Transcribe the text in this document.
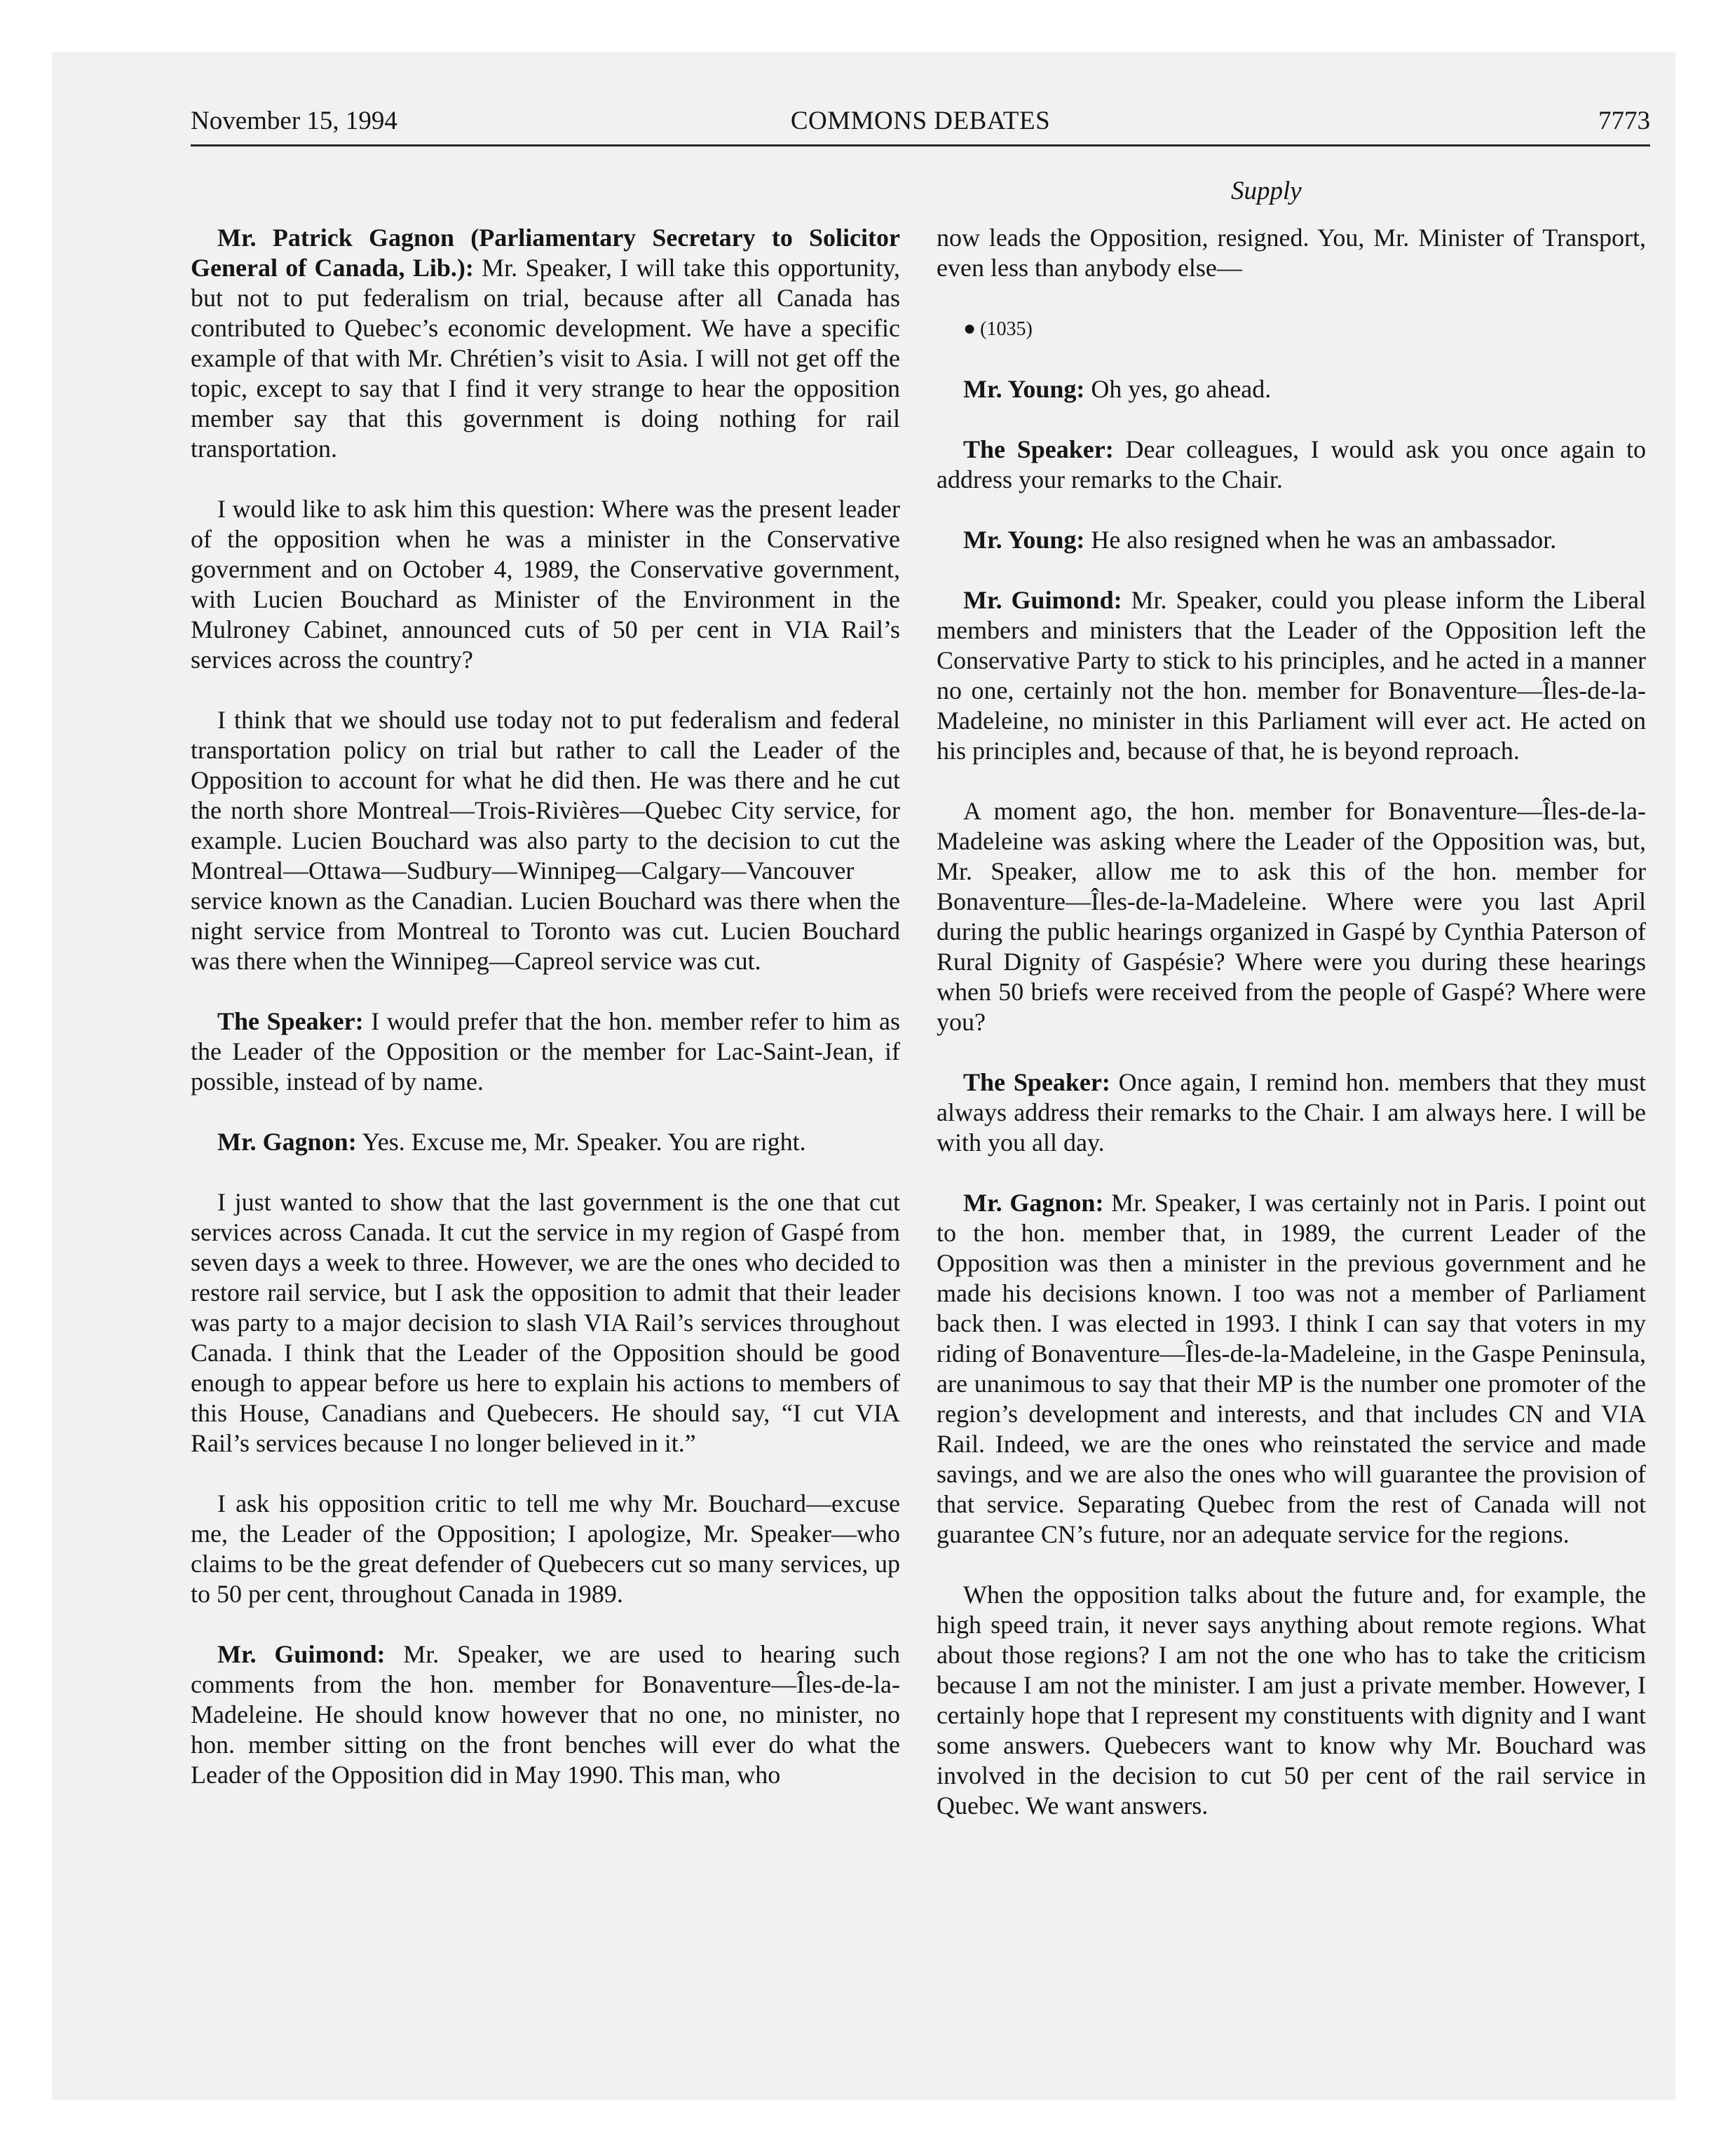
November 15, 1994	COMMONS DEBATES	7773
Supply

Mr. Patrick Gagnon (Parliamentary Secretary to Solicitor General of Canada, Lib.): Mr. Speaker, I will take this opportunity, but not to put federalism on trial, because after all Canada has contributed to Quebec’s economic development. We have a specific example of that with Mr. Chrétien’s visit to Asia. I will not get off the topic, except to say that I find it very strange to hear the opposition member say that this government is doing nothing for rail transportation.

I would like to ask him this question: Where was the present leader of the opposition when he was a minister in the Conservative government and on October 4, 1989, the Conservative government, with Lucien Bouchard as Minister of the Environment in the Mulroney Cabinet, announced cuts of 50 per cent in VIA Rail’s services across the country?

I think that we should use today not to put federalism and federal transportation policy on trial but rather to call the Leader of the Opposition to account for what he did then. He was there and he cut the north shore Montreal—Trois-Rivières—Quebec City service, for example. Lucien Bouchard was also party to the decision to cut the Montreal—Ottawa—Sudbury—Winnipeg—Calgary—Vancouver service known as the Canadian. Lucien Bouchard was there when the night service from Montreal to Toronto was cut. Lucien Bouchard was there when the Winnipeg—Capreol service was cut.

The Speaker: I would prefer that the hon. member refer to him as the Leader of the Opposition or the member for Lac-Saint-Jean, if possible, instead of by name.

Mr. Gagnon: Yes. Excuse me, Mr. Speaker. You are right.

I just wanted to show that the last government is the one that cut services across Canada. It cut the service in my region of Gaspé from seven days a week to three. However, we are the ones who decided to restore rail service, but I ask the opposition to admit that their leader was party to a major decision to slash VIA Rail’s services throughout Canada. I think that the Leader of the Opposition should be good enough to appear before us here to explain his actions to members of this House, Canadians and Quebecers. He should say, “I cut VIA Rail’s services because I no longer believed in it.”

I ask his opposition critic to tell me why Mr. Bouchard—excuse me, the Leader of the Opposition; I apologize, Mr. Speaker—who claims to be the great defender of Quebecers cut so many services, up to 50 per cent, throughout Canada in 1989.

Mr. Guimond: Mr. Speaker, we are used to hearing such comments from the hon. member for Bonaventure—Îles-de-la-Madeleine. He should know however that no one, no minister, no hon. member sitting on the front benches will ever do what the Leader of the Opposition did in May 1990. This man, who

now leads the Opposition, resigned. You, Mr. Minister of Transport, even less than anybody else—

● (1035)

Mr. Young: Oh yes, go ahead.

The Speaker: Dear colleagues, I would ask you once again to address your remarks to the Chair.

Mr. Young: He also resigned when he was an ambassador.

Mr. Guimond: Mr. Speaker, could you please inform the Liberal members and ministers that the Leader of the Opposition left the Conservative Party to stick to his principles, and he acted in a manner no one, certainly not the hon. member for Bonaventure—Îles-de-la-Madeleine, no minister in this Parliament will ever act. He acted on his principles and, because of that, he is beyond reproach.

A moment ago, the hon. member for Bonaventure—Îles-de-la-Madeleine was asking where the Leader of the Opposition was, but, Mr. Speaker, allow me to ask this of the hon. member for Bonaventure—Îles-de-la-Madeleine. Where were you last April during the public hearings organized in Gaspé by Cynthia Paterson of Rural Dignity of Gaspésie? Where were you during these hearings when 50 briefs were received from the people of Gaspé? Where were you?

The Speaker: Once again, I remind hon. members that they must always address their remarks to the Chair. I am always here. I will be with you all day.

Mr. Gagnon: Mr. Speaker, I was certainly not in Paris. I point out to the hon. member that, in 1989, the current Leader of the Opposition was then a minister in the previous government and he made his decisions known. I too was not a member of Parliament back then. I was elected in 1993. I think I can say that voters in my riding of Bonaventure—Îles-de-la-Madeleine, in the Gaspe Peninsula, are unanimous to say that their MP is the number one promoter of the region’s development and interests, and that includes CN and VIA Rail. Indeed, we are the ones who reinstated the service and made savings, and we are also the ones who will guarantee the provision of that service. Separating Quebec from the rest of Canada will not guarantee CN’s future, nor an adequate service for the regions.

When the opposition talks about the future and, for example, the high speed train, it never says anything about remote regions. What about those regions? I am not the one who has to take the criticism because I am not the minister. I am just a private member. However, I certainly hope that I represent my constituents with dignity and I want some answers. Quebecers want to know why Mr. Bouchard was involved in the decision to cut 50 per cent of the rail service in Quebec. We want answers.
